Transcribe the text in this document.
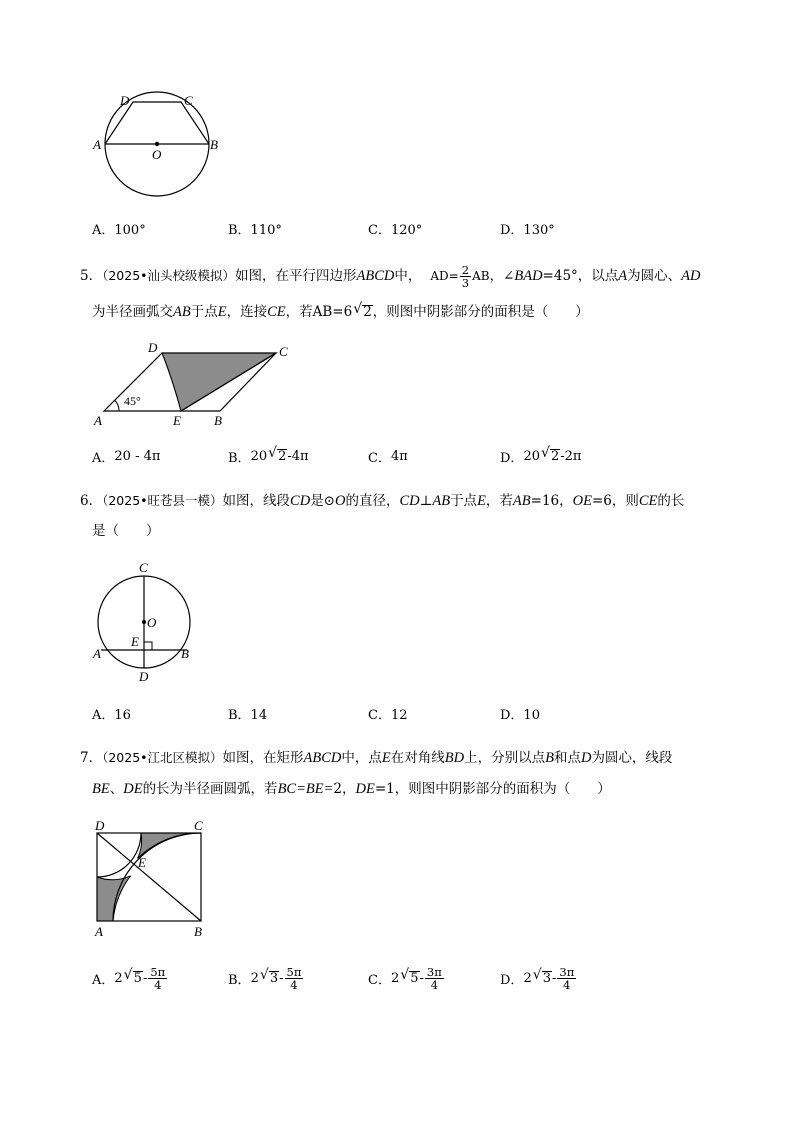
D	C
A	B
O
A．100°	B．110°	C．120°	D．130°
5．（2025•汕头校级模拟）如图，在平行四边形ABCD中， $AD= \frac{2}{3}$ AB，∠BAD=45°，以点A为圆心、AD
为半径画弧交AB于点E，连接CE，若AB=6 √ 2，则图中阴影部分的面积是（　　）
D	C
A	E	B
45°
A． 20 - 4π	B． 20 √ 2 -4π	C． 4π	D． 20 √ 2 -2π
6．（2025•旺苍县一模）如图，线段CD是⊙O的直径，CD⊥AB于点E，若AB=16，OE=6，则CE的长
是（　　）
C
O
E
A	B
D
A．16	B．14	C．12	D．10
7．（2025•江北区模拟）如图，在矩形ABCD中，点E在对角线BD上，分别以点B和点D为圆心，线段
BE、DE的长为半径画圆弧，若BC=BE=2，DE=1，则图中阴影部分的面积为（　　）
D	C
E
A	B
A． 2 √ $5 - \frac{5\pi}{4}$	B． 2 √ $3 - \frac{5\pi}{4}$	C． 2 √ $5 - \frac{3\pi}{4}$	D． 2 √ $3 - \frac{3\pi}{4}$
